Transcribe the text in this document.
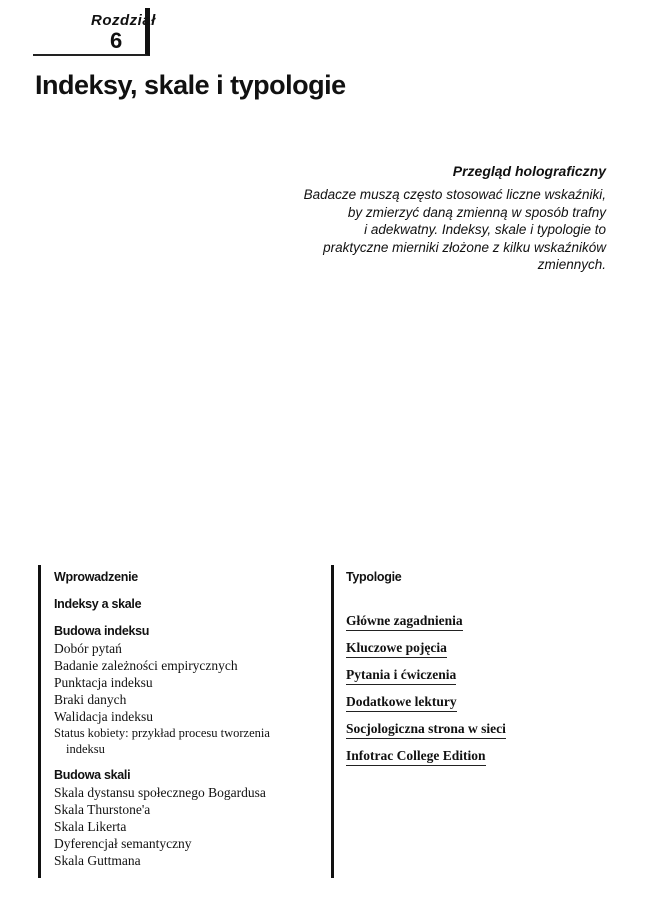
Rozdział
6
Indeksy, skale i typologie
Przegląd holograficzny
Badacze muszą często stosować liczne wskaźniki,
by zmierzyć daną zmienną w sposób trafny
i adekwatny. Indeksy, skale i typologie to
praktyczne mierniki złożone z kilku wskaźników
zmiennych.
Wprowadzenie
Indeksy a skale
Budowa indeksu
Dobór pytań
Badanie zależności empirycznych
Punktacja indeksu
Braki danych
Walidacja indeksu
Status kobiety: przykład procesu tworzenia
indeksu
Budowa skali
Skala dystansu społecznego Bogardusa
Skala Thurstone'a
Skala Likerta
Dyferencjał semantyczny
Skala Guttmana
Typologie
Główne zagadnienia
Kluczowe pojęcia
Pytania i ćwiczenia
Dodatkowe lektury
Socjologiczna strona w sieci
Infotrac College Edition
